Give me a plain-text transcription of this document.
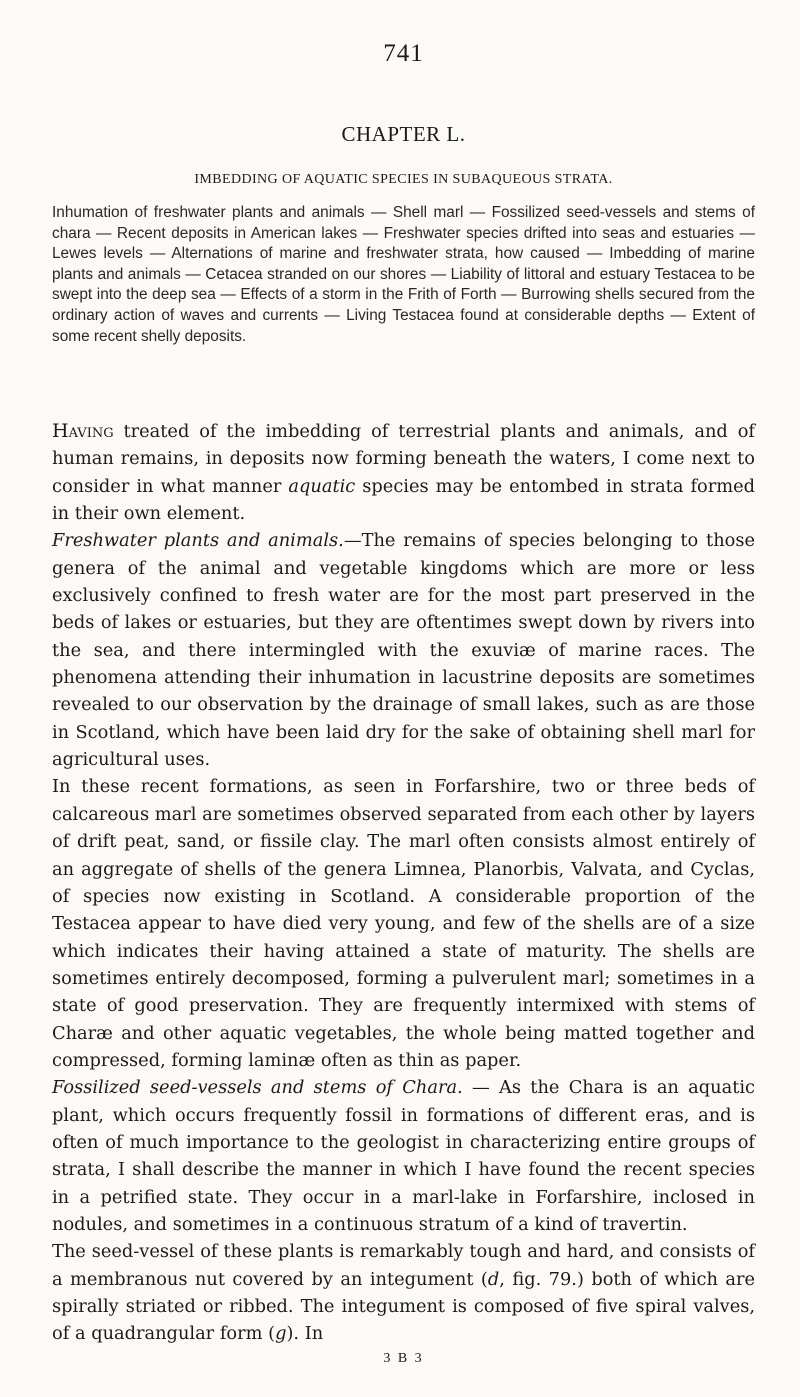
741
CHAPTER L.
IMBEDDING OF AQUATIC SPECIES IN SUBAQUEOUS STRATA.
Inhumation of freshwater plants and animals — Shell marl — Fossilized seed-vessels and stems of chara — Recent deposits in American lakes — Freshwater species drifted into seas and estuaries — Lewes levels — Alternations of marine and freshwater strata, how caused — Imbedding of marine plants and animals — Cetacea stranded on our shores — Liability of littoral and estuary Testacea to be swept into the deep sea — Effects of a storm in the Frith of Forth — Burrowing shells secured from the ordinary action of waves and currents — Living Testacea found at considerable depths — Extent of some recent shelly deposits.

Having treated of the imbedding of terrestrial plants and animals, and of human remains, in deposits now forming beneath the waters, I come next to consider in what manner aquatic species may be entombed in strata formed in their own element.

Freshwater plants and animals.—The remains of species belonging to those genera of the animal and vegetable kingdoms which are more or less exclusively confined to fresh water are for the most part preserved in the beds of lakes or estuaries, but they are oftentimes swept down by rivers into the sea, and there intermingled with the exuviæ of marine races. The phenomena attending their inhumation in lacustrine deposits are sometimes revealed to our observation by the drainage of small lakes, such as are those in Scotland, which have been laid dry for the sake of obtaining shell marl for agricultural uses.

In these recent formations, as seen in Forfarshire, two or three beds of calcareous marl are sometimes observed separated from each other by layers of drift peat, sand, or fissile clay. The marl often consists almost entirely of an aggregate of shells of the genera Limnea, Planorbis, Valvata, and Cyclas, of species now existing in Scotland. A considerable proportion of the Testacea appear to have died very young, and few of the shells are of a size which indicates their having attained a state of maturity. The shells are sometimes entirely decomposed, forming a pulverulent marl; sometimes in a state of good preservation. They are frequently intermixed with stems of Charæ and other aquatic vegetables, the whole being matted together and compressed, forming laminæ often as thin as paper.

Fossilized seed-vessels and stems of Chara. — As the Chara is an aquatic plant, which occurs frequently fossil in formations of different eras, and is often of much importance to the geologist in characterizing entire groups of strata, I shall describe the manner in which I have found the recent species in a petrified state. They occur in a marl-lake in Forfarshire, inclosed in nodules, and sometimes in a continuous stratum of a kind of travertin.

The seed-vessel of these plants is remarkably tough and hard, and consists of a membranous nut covered by an integument (d, fig. 79.) both of which are spirally striated or ribbed. The integument is composed of five spiral valves, of a quadrangular form (g). In

3 B 3
